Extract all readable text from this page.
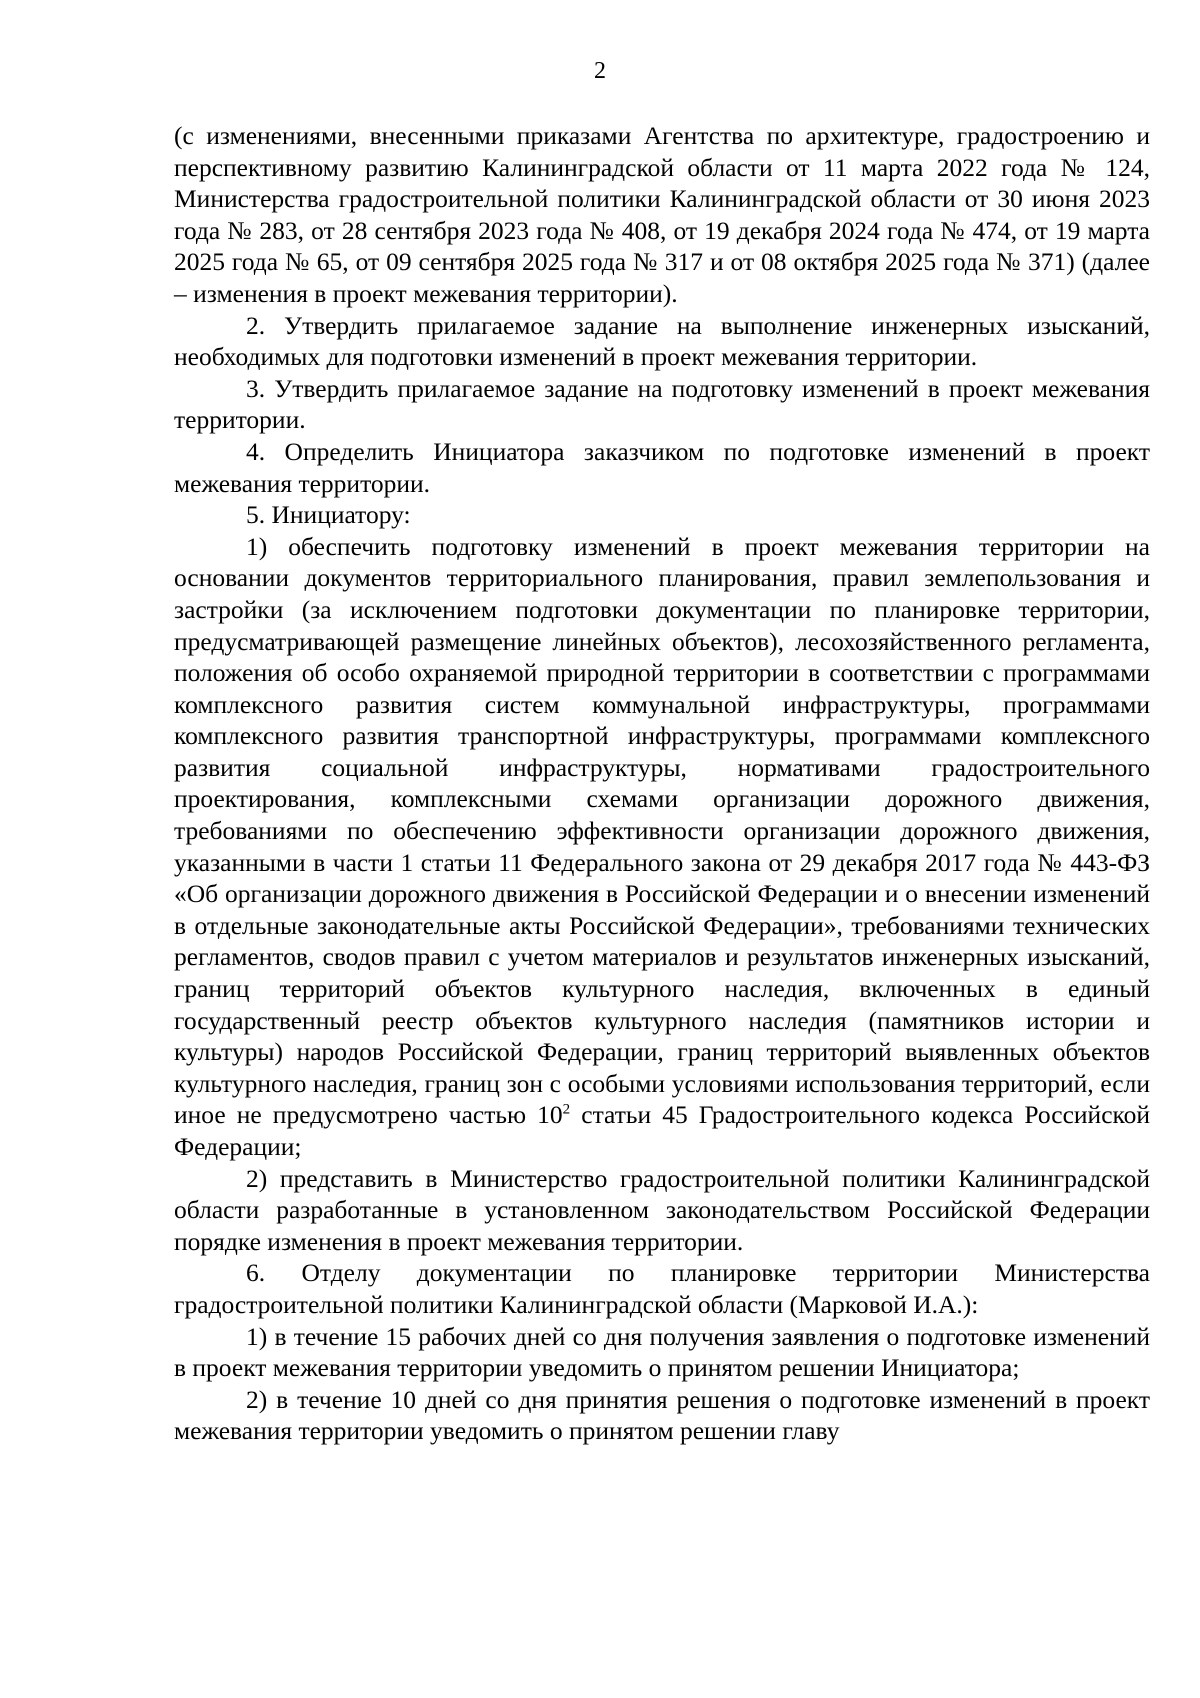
2

(с изменениями, внесенными приказами Агентства по архитектуре, градостроению и перспективному развитию Калининградской области от 11 марта 2022 года № 124, Министерства градостроительной политики Калининградской области от 30 июня 2023 года № 283, от 28 сентября 2023 года № 408, от 19 декабря 2024 года № 474, от 19 марта 2025 года № 65, от 09 сентября 2025 года № 317 и от 08 октября 2025 года № 371) (далее – изменения в проект межевания территории).

2. Утвердить прилагаемое задание на выполнение инженерных изысканий, необходимых для подготовки изменений в проект межевания территории.

3. Утвердить прилагаемое задание на подготовку изменений в проект межевания территории.

4. Определить Инициатора заказчиком по подготовке изменений в проект межевания территории.

5. Инициатору:

1) обеспечить подготовку изменений в проект межевания территории на основании документов территориального планирования, правил землепользования и застройки (за исключением подготовки документации по планировке территории, предусматривающей размещение линейных объектов), лесохозяйственного регламента, положения об особо охраняемой природной территории в соответствии с программами комплексного развития систем коммунальной инфраструктуры, программами комплексного развития транспортной инфраструктуры, программами комплексного развития социальной инфраструктуры, нормативами градостроительного проектирования, комплексными схемами организации дорожного движения, требованиями по обеспечению эффективности организации дорожного движения, указанными в части 1 статьи 11 Федерального закона от 29 декабря 2017 года № 443-ФЗ «Об организации дорожного движения в Российской Федерации и о внесении изменений в отдельные законодательные акты Российской Федерации», требованиями технических регламентов, сводов правил с учетом материалов и результатов инженерных изысканий, границ территорий объектов культурного наследия, включенных в единый государственный реестр объектов культурного наследия (памятников истории и культуры) народов Российской Федерации, границ территорий выявленных объектов культурного наследия, границ зон с особыми условиями использования территорий, если иное не предусмотрено частью $10^2$ статьи 45 Градостроительного кодекса Российской Федерации;

2) представить в Министерство градостроительной политики Калининградской области разработанные в установленном законодательством Российской Федерации порядке изменения в проект межевания территории.

6. Отделу документации по планировке территории Министерства градостроительной политики Калининградской области (Марковой И.А.):

1) в течение 15 рабочих дней со дня получения заявления о подготовке изменений в проект межевания территории уведомить о принятом решении Инициатора;

2) в течение 10 дней со дня принятия решения о подготовке изменений в проект межевания территории уведомить о принятом решении главу
